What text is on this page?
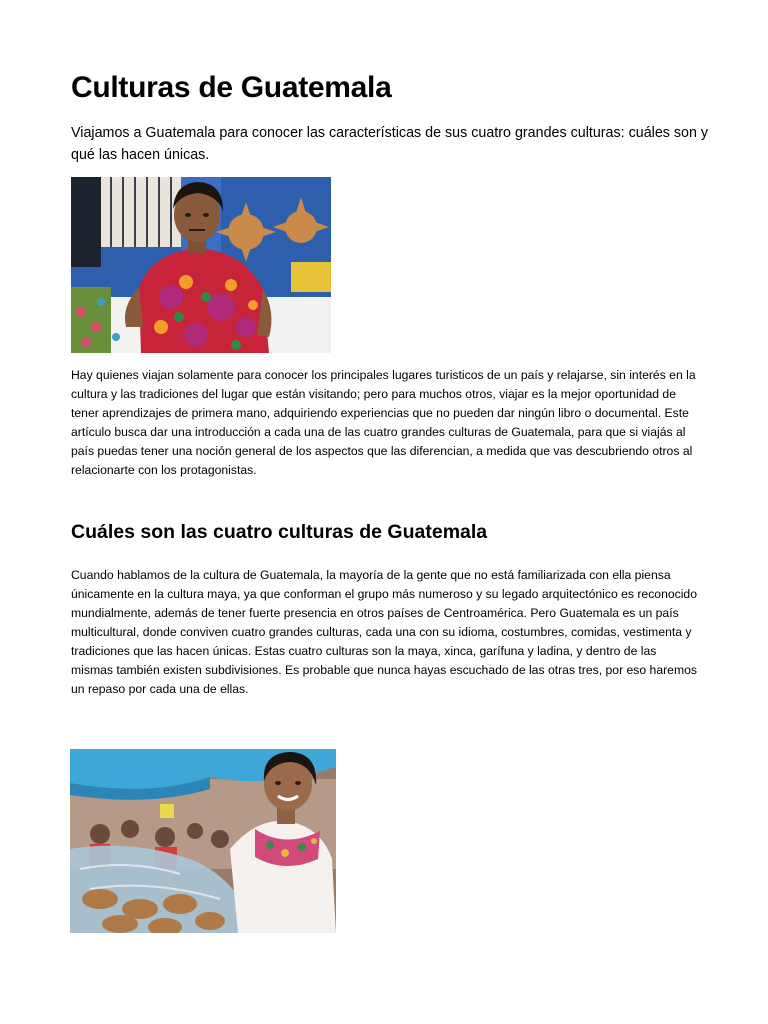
Culturas de Guatemala

Viajamos a Guatemala para conocer las características de sus cuatro grandes culturas: cuáles son y qué las hacen únicas.

Hay quienes viajan solamente para conocer los principales lugares turisticos de un país y relajarse, sin interés en la cultura y las tradiciones del lugar que están visitando; pero para muchos otros, viajar es la mejor oportunidad de tener aprendizajes de primera mano, adquiriendo experiencias que no pueden dar ningún libro o documental. Este artículo busca dar una introducción a cada una de las cuatro grandes culturas de Guatemala, para que si viajás al país puedas tener una noción general de los aspectos que las diferencian, a medida que vas descubriendo otros al relacionarte con los protagonistas.

Cuáles son las cuatro culturas de Guatemala

Cuando hablamos de la cultura de Guatemala, la mayoría de la gente que no está familiarizada con ella piensa únicamente en la cultura maya, ya que conforman el grupo más numeroso y su legado arquitectónico es reconocido mundialmente, además de tener fuerte presencia en otros países de Centroamérica. Pero Guatemala es un país multicultural, donde conviven cuatro grandes culturas, cada una con su idioma, costumbres, comidas, vestimenta y tradiciones que las hacen únicas. Estas cuatro culturas son la maya, xinca, garífuna y ladina, y dentro de las mismas también existen subdivisiones. Es probable que nunca hayas escuchado de las otras tres, por eso haremos un repaso por cada una de ellas.
